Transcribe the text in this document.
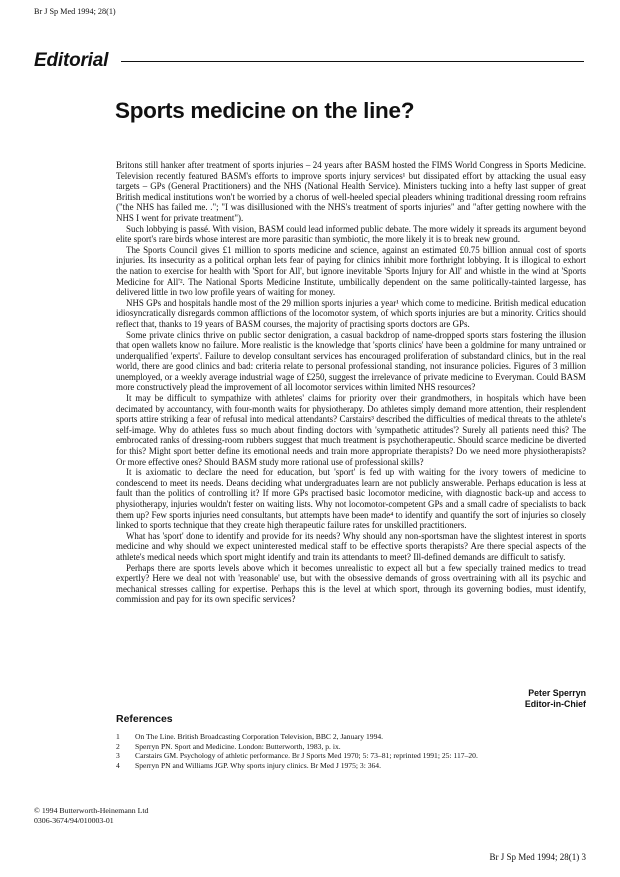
Br J Sp Med 1994; 28(1)
Editorial
Sports medicine on the line?

Britons still hanker after treatment of sports injuries – 24 years after BASM hosted the FIMS World Congress in Sports Medicine. Television recently featured BASM's efforts to improve sports injury services¹ but dissipated effort by attacking the usual easy targets – GPs (General Practitioners) and the NHS (National Health Service). Ministers tucking into a hefty last supper of great British medical institutions won't be worried by a chorus of well-heeled special pleaders whining traditional dressing room refrains ("the NHS has failed me. ."; "I was disillusioned with the NHS's treatment of sports injuries" and "after getting nowhere with the NHS I went for private treatment").

Such lobbying is passé. With vision, BASM could lead informed public debate. The more widely it spreads its argument beyond elite sport's rare birds whose interest are more parasitic than symbiotic, the more likely it is to break new ground.

The Sports Council gives £1 million to sports medicine and science, against an estimated £0.75 billion annual cost of sports injuries. Its insecurity as a political orphan lets fear of paying for clinics inhibit more forthright lobbying. It is illogical to exhort the nation to exercise for health with 'Sport for All', but ignore inevitable 'Sports Injury for All' and whistle in the wind at 'Sports Medicine for All'². The National Sports Medicine Institute, umbilically dependent on the same politically-tainted largesse, has delivered little in two low profile years of waiting for money.

NHS GPs and hospitals handle most of the 29 million sports injuries a year¹ which come to medicine. British medical education idiosyncratically disregards common afflictions of the locomotor system, of which sports injuries are but a minority. Critics should reflect that, thanks to 19 years of BASM courses, the majority of practising sports doctors are GPs.

Some private clinics thrive on public sector denigration, a casual backdrop of name-dropped sports stars fostering the illusion that open wallets know no failure. More realistic is the knowledge that 'sports clinics' have been a goldmine for many untrained or underqualified 'experts'. Failure to develop consultant services has encouraged proliferation of substandard clinics, but in the real world, there are good clinics and bad: criteria relate to personal professional standing, not insurance policies. Figures of 3 million unemployed, or a weekly average industrial wage of £250, suggest the irrelevance of private medicine to Everyman. Could BASM more constructively plead the improvement of all locomotor services within limited NHS resources?

It may be difficult to sympathize with athletes' claims for priority over their grandmothers, in hospitals which have been decimated by accountancy, with four-month waits for physiotherapy. Do athletes simply demand more attention, their resplendent sports attire striking a fear of refusal into medical attendants? Carstairs³ described the difficulties of medical threats to the athlete's self-image. Why do athletes fuss so much about finding doctors with 'sympathetic attitudes'? Surely all patients need this? The embrocated ranks of dressing-room rubbers suggest that much treatment is psychotherapeutic. Should scarce medicine be diverted for this? Might sport better define its emotional needs and train more appropriate therapists? Do we need more physiotherapists? Or more effective ones? Should BASM study more rational use of professional skills?

It is axiomatic to declare the need for education, but 'sport' is fed up with waiting for the ivory towers of medicine to condescend to meet its needs. Deans deciding what undergraduates learn are not publicly answerable. Perhaps education is less at fault than the politics of controlling it? If more GPs practised basic locomotor medicine, with diagnostic back-up and access to physiotherapy, injuries wouldn't fester on waiting lists. Why not locomotor-competent GPs and a small cadre of specialists to back them up? Few sports injuries need consultants, but attempts have been made⁴ to identify and quantify the sort of injuries so closely linked to sports technique that they create high therapeutic failure rates for unskilled practitioners.

What has 'sport' done to identify and provide for its needs? Why should any non-sportsman have the slightest interest in sports medicine and why should we expect uninterested medical staff to be effective sports therapists? Are there special aspects of the athlete's medical needs which sport might identify and train its attendants to meet? Ill-defined demands are difficult to satisfy.

Perhaps there are sports levels above which it becomes unrealistic to expect all but a few specially trained medics to tread expertly? Here we deal not with 'reasonable' use, but with the obsessive demands of gross overtraining with all its psychic and mechanical stresses calling for expertise. Perhaps this is the level at which sport, through its governing bodies, must identify, commission and pay for its own specific services?

Peter Sperryn
Editor-in-Chief
References
1	On The Line. British Broadcasting Corporation Television, BBC 2, January 1994.
2	Sperryn PN. Sport and Medicine. London: Butterworth, 1983, p. ix.
3	Carstairs GM. Psychology of athletic performance. Br J Sports Med 1970; 5: 73–81; reprinted 1991; 25: 117–20.
4	Sperryn PN and Williams JGP. Why sports injury clinics. Br Med J 1975; 3: 364.
© 1994 Butterworth-Heinemann Ltd
0306-3674/94/010003-01
Br J Sp Med 1994; 28(1) 3
